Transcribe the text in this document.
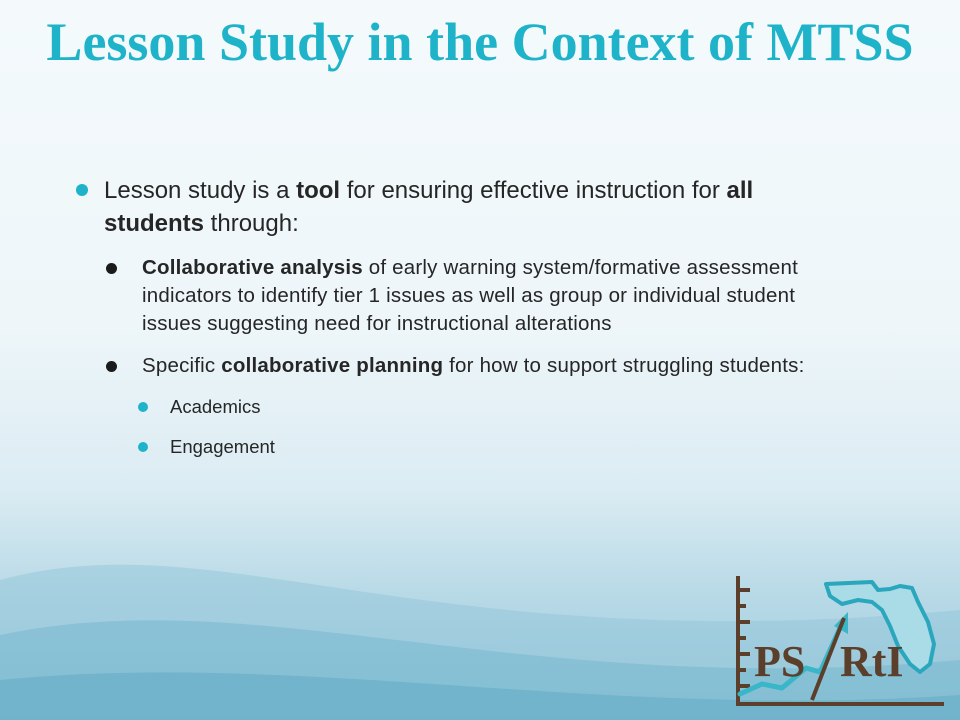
Lesson Study in the Context of MTSS
Lesson study is a tool for ensuring effective instruction for all students through:
Collaborative analysis of early warning system/formative assessment indicators to identify tier 1 issues as well as group or individual student issues suggesting need for instructional alterations
Specific collaborative planning for how to support struggling students:
Academics
Engagement
PS RtI
